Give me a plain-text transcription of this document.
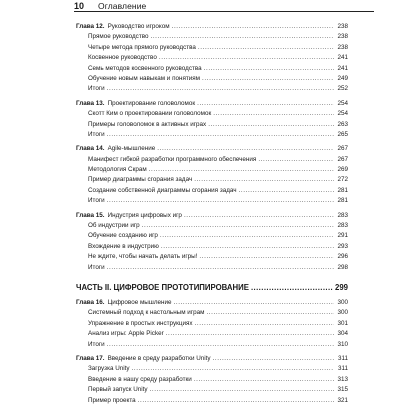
10	Оглавление
Глава 12. Руководство игроком .....	238
Прямое руководство .....	238
Четыре метода прямого руководства .....	238
Косвенное руководство .....	241
Семь методов косвенного руководства .....	241
Обучение новым навыкам и понятиям .....	249
Итоги .....	252
Глава 13. Проектирование головоломок .....	254
Скотт Ким о проектировании головоломок .....	254
Примеры головоломок в активных играх .....	263
Итоги .....	265
Глава 14. Agile-мышление .....	267
Манифест гибкой разработки программного обеспечения .....	267
Методология Скрам .....	269
Пример диаграммы сгорания задач .....	272
Создание собственной диаграммы сгорания задач .....	281
Итоги .....	281
Глава 15. Индустрия цифровых игр .....	283
Об индустрии игр .....	283
Обучение созданию игр .....	291
Вхождение в индустрию .....	293
Не ждите, чтобы начать делать игры! .....	296
Итоги .....	298
ЧАСТЬ II. ЦИФРОВОЕ ПРОТОТИПИРОВАНИЕ .....	299
Глава 16. Цифровое мышление .....	300
Системный подход к настольным играм .....	300
Упражнение в простых инструкциях .....	301
Анализ игры: Apple Picker .....	304
Итоги .....	310
Глава 17. Введение в среду разработки Unity .....	311
Загрузка Unity .....	311
Введение в нашу среду разработки .....	313
Первый запуск Unity .....	315
Пример проекта .....	321
